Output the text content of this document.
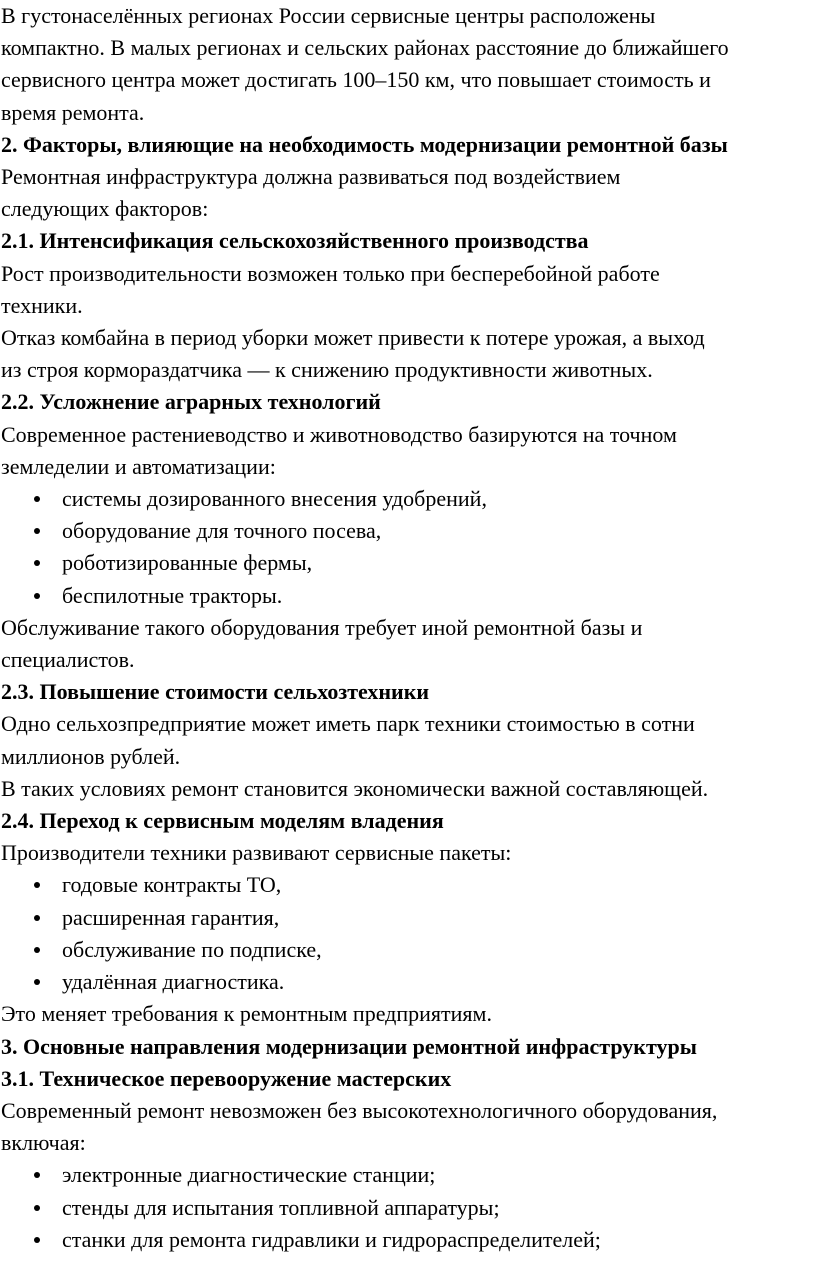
В густонаселённых регионах России сервисные центры расположены

компактно. В малых регионах и сельских районах расстояние до ближайшего

сервисного центра может достигать 100–150 км, что повышает стоимость и

время ремонта.

2. Факторы, влияющие на необходимость модернизации ремонтной базы

Ремонтная инфраструктура должна развиваться под воздействием

следующих факторов:

2.1. Интенсификация сельскохозяйственного производства

Рост производительности возможен только при бесперебойной работе

техники.

Отказ комбайна в период уборки может привести к потере урожая, а выход

из строя кормораздатчика — к снижению продуктивности животных.

2.2. Усложнение аграрных технологий

Современное растениеводство и животноводство базируются на точном

земледелии и автоматизации:

системы дозированного внесения удобрений,
оборудование для точного посева,
роботизированные фермы,
беспилотные тракторы.

Обслуживание такого оборудования требует иной ремонтной базы и

специалистов.

2.3. Повышение стоимости сельхозтехники

Одно сельхозпредприятие может иметь парк техники стоимостью в сотни

миллионов рублей.

В таких условиях ремонт становится экономически важной составляющей.

2.4. Переход к сервисным моделям владения

Производители техники развивают сервисные пакеты:

годовые контракты ТО,
расширенная гарантия,
обслуживание по подписке,
удалённая диагностика.

Это меняет требования к ремонтным предприятиям.

3. Основные направления модернизации ремонтной инфраструктуры

3.1. Техническое перевооружение мастерских

Современный ремонт невозможен без высокотехнологичного оборудования,

включая:

электронные диагностические станции;
стенды для испытания топливной аппаратуры;
станки для ремонта гидравлики и гидрораспределителей;
